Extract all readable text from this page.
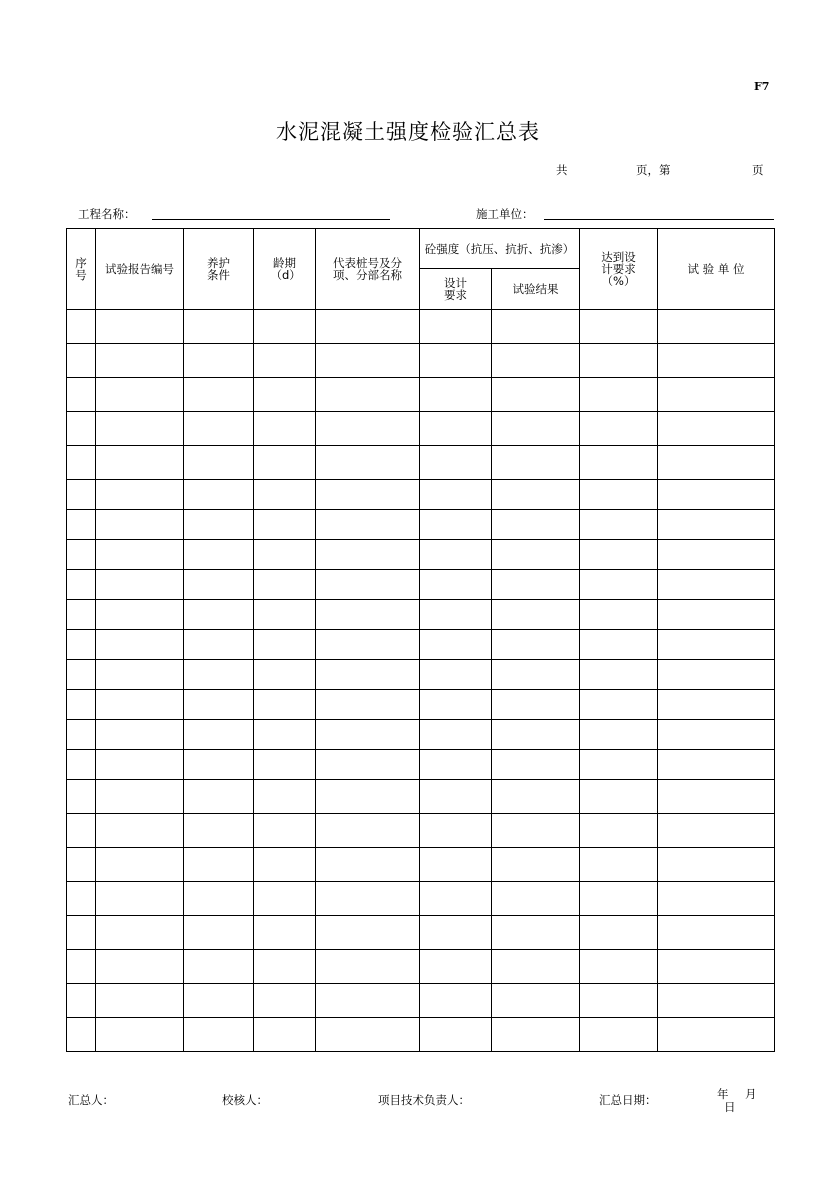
F7
水泥混凝土强度检验汇总表
共	页，第	页
工程名称：	施工单位：
序号	试验报告编号	养护条件	龄期（d）	代表桩号及分项、分部名称	砼强度（抗压、抗折、抗渗）		达到设计要求（%）	试 验 单 位
					设计要求	试验结果		

汇总人：	校核人：	项目技术负责人：	汇总日期：	年 月
日
